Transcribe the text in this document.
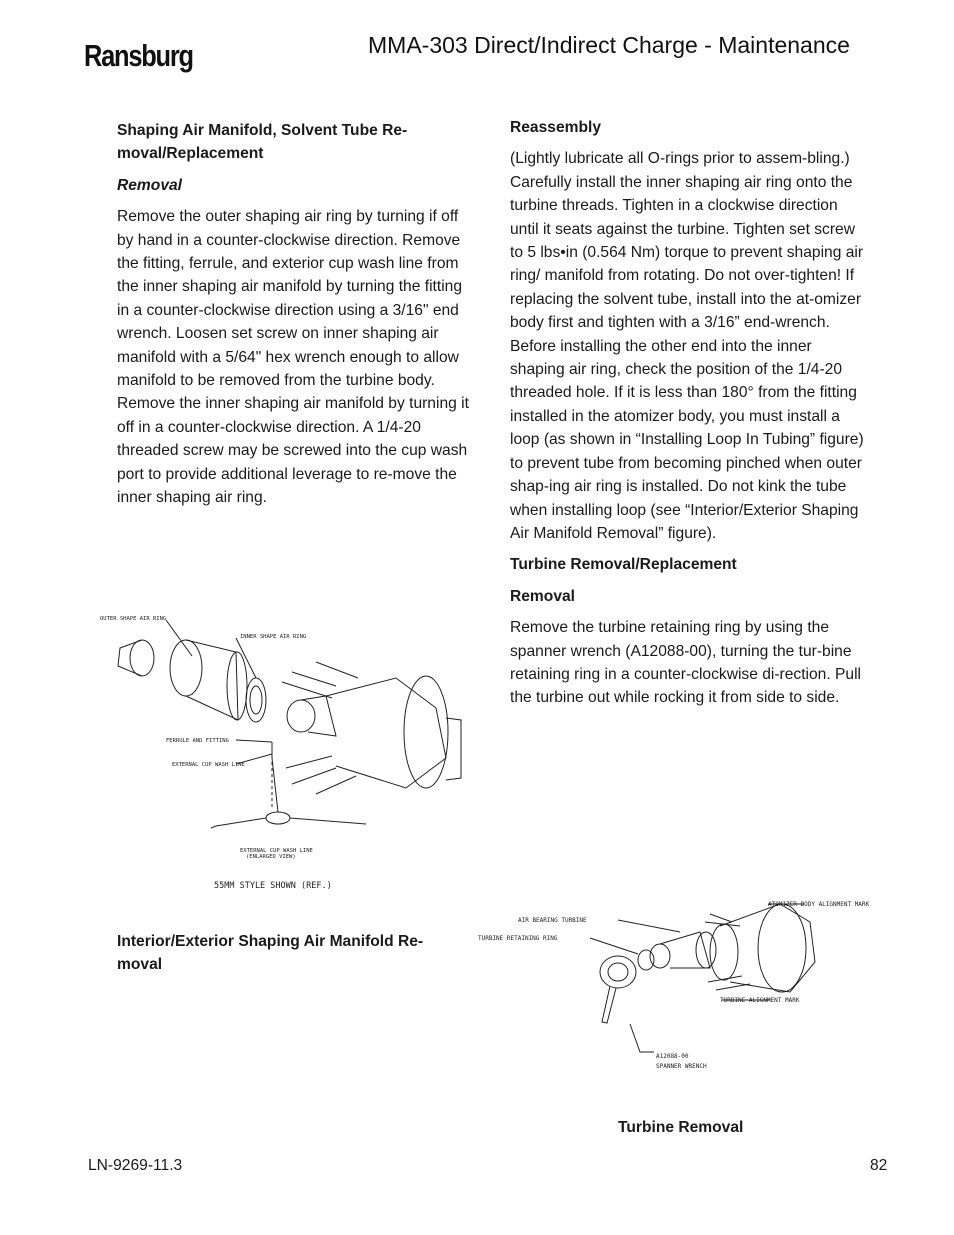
Ransburg	MMA-303 Direct/Indirect Charge - Maintenance
Shaping Air Manifold, Solvent Tube Re-moval/Replacement
Removal

Remove the outer shaping air ring by turning if off by hand in a counter-clockwise direction. Remove the fitting, ferrule, and exterior cup wash line from the inner shaping air manifold by turning the fitting in a counter-clockwise direction using a 3/16" end wrench. Loosen set screw on inner shaping air manifold with a 5/64" hex wrench enough to allow manifold to be removed from the turbine body. Remove the inner shaping air manifold by turning it off in a counter-clockwise direction. A 1/4-20 threaded screw may be screwed into the cup wash port to provide additional leverage to re-move the inner shaping air ring.

Reassembly

(Lightly lubricate all O-rings prior to assem-bling.) Carefully install the inner shaping air ring onto the turbine threads. Tighten in a clockwise direction until it seats against the turbine. Tighten set screw to 5 lbs•in (0.564 Nm) torque to prevent shaping air ring/ manifold from rotating. Do not over-tighten! If replacing the solvent tube, install into the at-omizer body first and tighten with a 3/16” end-wrench. Before installing the other end into the inner shaping air ring, check the position of the 1/4-20 threaded hole. If it is less than 180° from the fitting installed in the atomizer body, you must install a loop (as shown in “Installing Loop In Tubing” figure) to prevent tube from becoming pinched when outer shap-ing air ring is installed. Do not kink the tube when installing loop (see “Interior/Exterior Shaping Air Manifold Removal” figure).

Turbine Removal/Replacement
Removal

Remove the turbine retaining ring by using the spanner wrench (A12088-00), turning the tur-bine retaining ring in a counter-clockwise di-rection. Pull the turbine out while rocking it from side to side.

OUTER SHAPE AIR RING
INNER SHAPE AIR RING
FERRULE AND FITTING
EXTERNAL CUP WASH LINE
EXTERNAL CUP WASH LINE
(ENLARGED VIEW)
55MM STYLE SHOWN (REF.)
Interior/Exterior Shaping Air Manifold Re-moval
AIR BEARING TURBINE
TURBINE RETAINING RING
ATOMIZER BODY ALIGNMENT MARK
TURBINE ALIGNMENT MARK
A12088-00
SPANNER WRENCH
Turbine Removal
LN-9269-11.3	82
